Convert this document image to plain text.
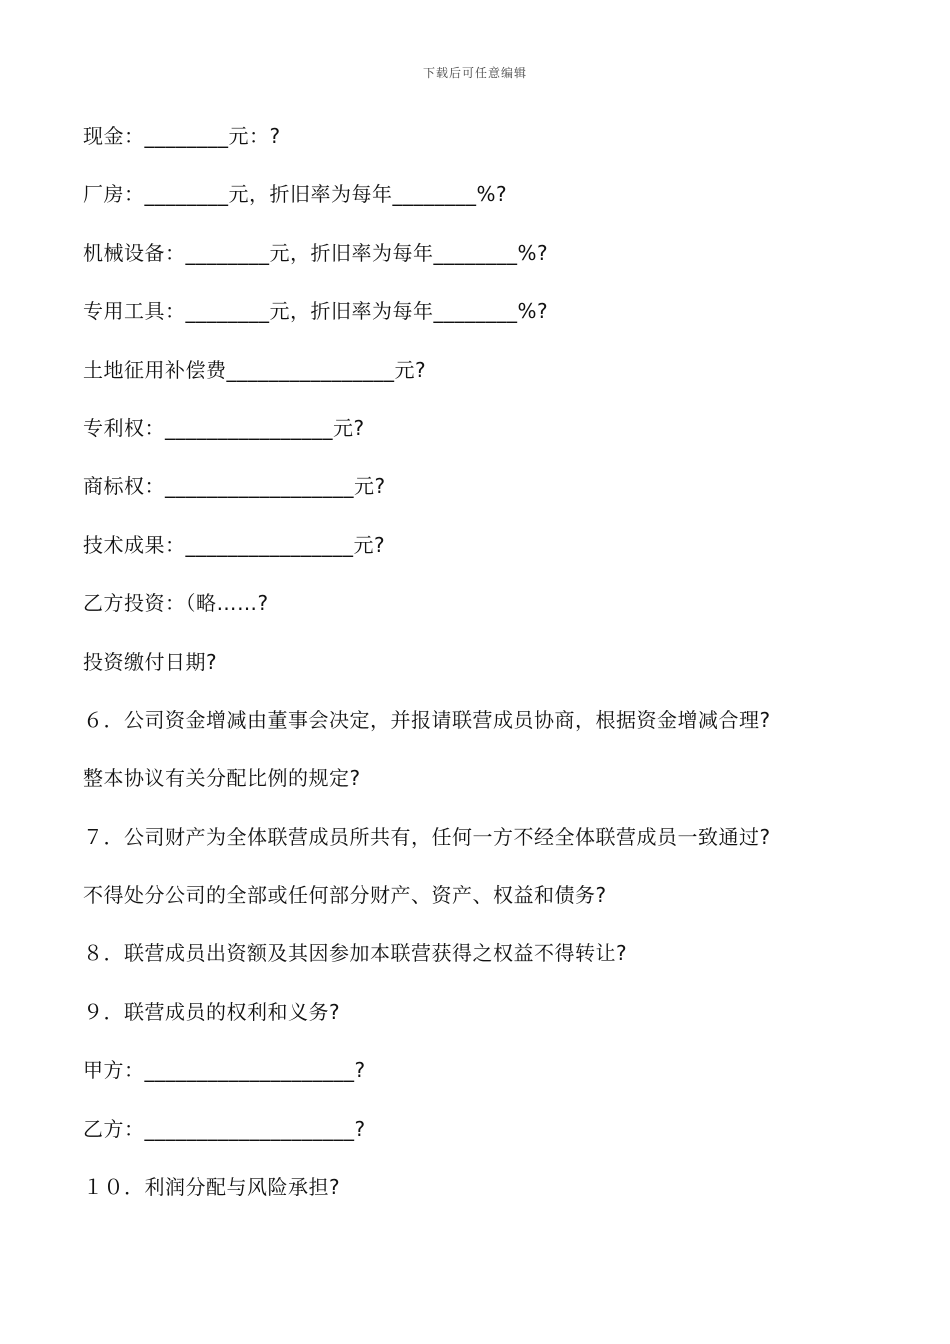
下载后可任意编辑
现金：________元：?
厂房：________元，折旧率为每年________%?
机械设备：________元，折旧率为每年________%?
专用工具：________元，折旧率为每年________%?
土地征用补偿费________________元?
专利权：________________元?
商标权：__________________元?
技术成果：________________元?
乙方投资：（略……?
投资缴付日期?
６．公司资金增减由董事会决定，并报请联营成员协商，根据资金增减合理?
整本协议有关分配比例的规定?
７．公司财产为全体联营成员所共有，任何一方不经全体联营成员一致通过?
不得处分公司的全部或任何部分财产、资产、权益和债务?
８．联营成员出资额及其因参加本联营获得之权益不得转让?
９．联营成员的权利和义务?
甲方：____________________?
乙方：____________________?
１０．利润分配与风险承担?
